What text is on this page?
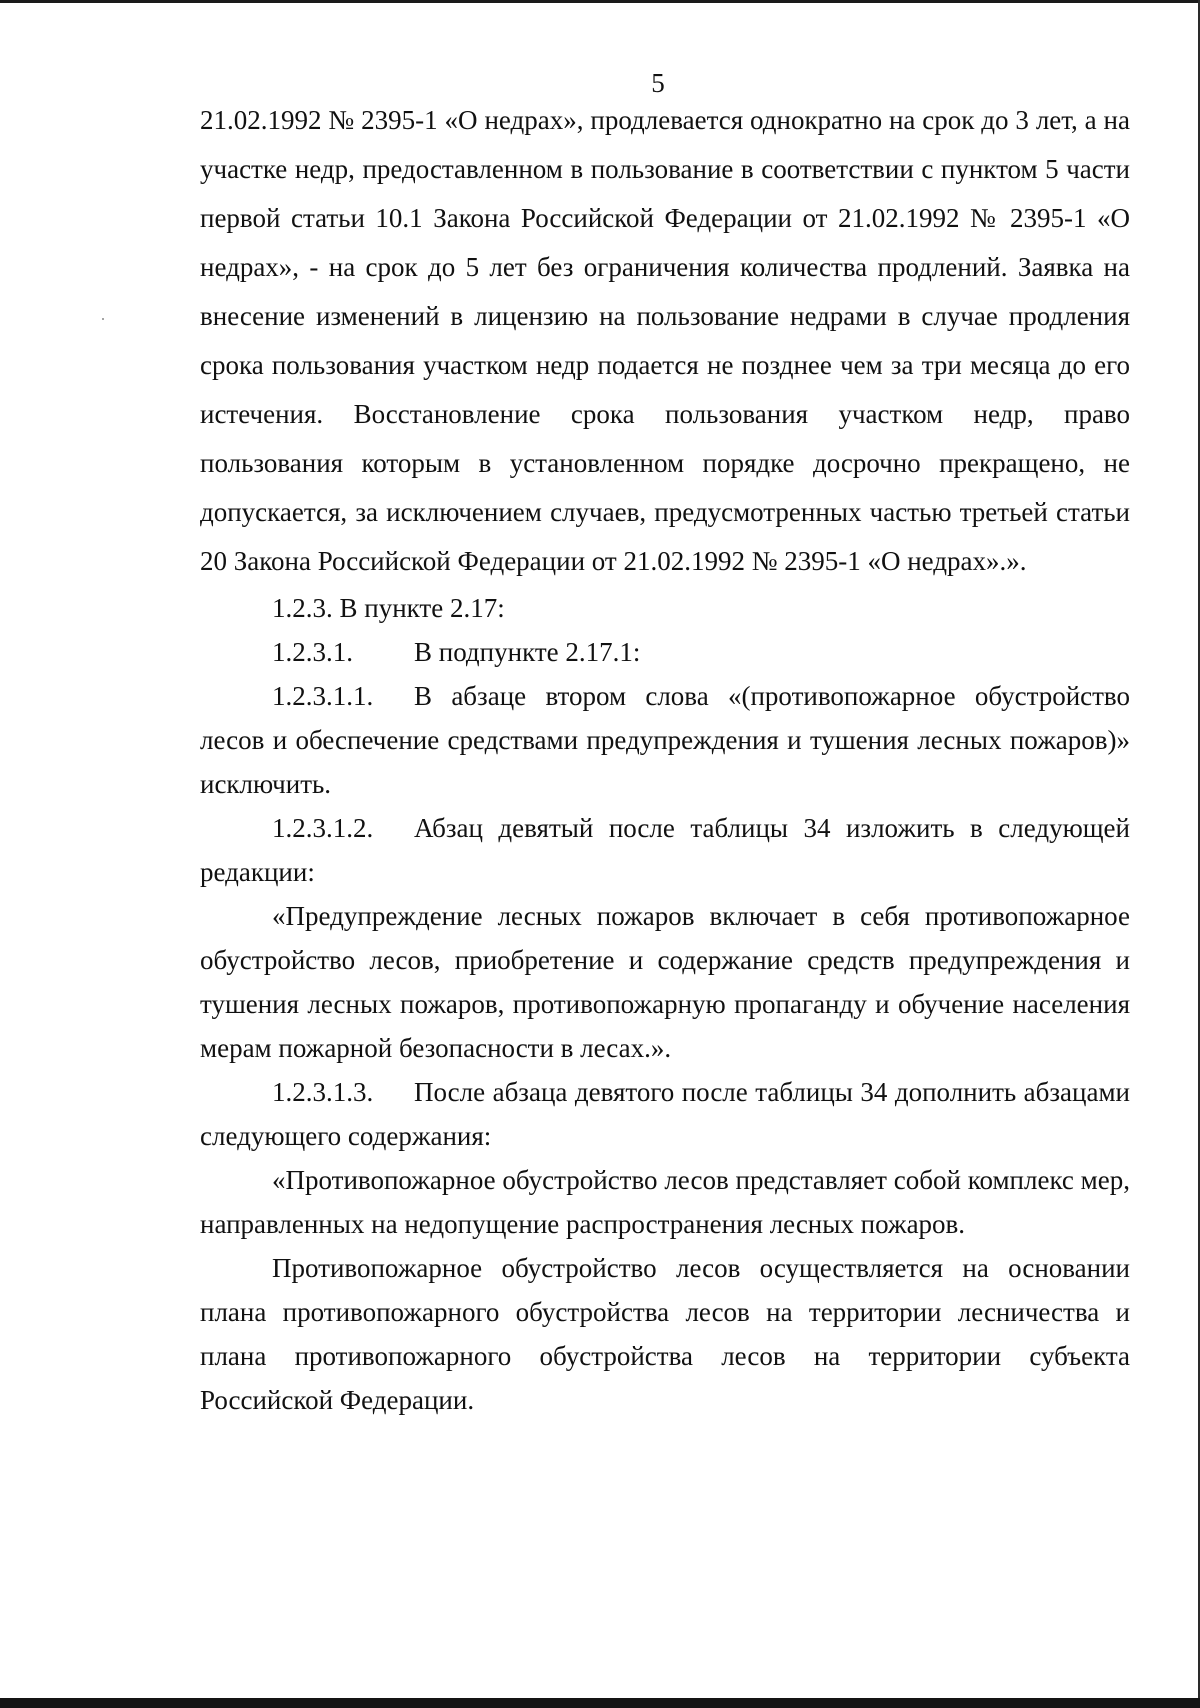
5

21.02.1992 № 2395-1 «О недрах», продлевается однократно на срок до 3 лет, а на участке недр, предоставленном в пользование в соответствии с пунктом 5 части первой статьи 10.1 Закона Российской Федерации от 21.02.1992 № 2395-1 «О недрах», - на срок до 5 лет без ограничения количества продлений. Заявка на внесение изменений в лицензию на пользование недрами в случае продления срока пользования участком недр подается не позднее чем за три месяца до его истечения. Восстановление срока пользования участком недр, право пользования которым в установленном порядке досрочно прекращено, не допускается, за исключением случаев, предусмотренных частью третьей статьи 20 Закона Российской Федерации от 21.02.1992 № 2395-1 «О недрах».».

1.2.3. В пункте 2.17:

1.2.3.1. В подпункте 2.17.1:

1.2.3.1.1. В абзаце втором слова «(противопожарное обустройство лесов и обеспечение средствами предупреждения и тушения лесных пожаров)» исключить.

1.2.3.1.2. Абзац девятый после таблицы 34 изложить в следующей редакции:

«Предупреждение лесных пожаров включает в себя противопожарное обустройство лесов, приобретение и содержание средств предупреждения и тушения лесных пожаров, противопожарную пропаганду и обучение населения мерам пожарной безопасности в лесах.».

1.2.3.1.3. После абзаца девятого после таблицы 34 дополнить абзацами следующего содержания:

«Противопожарное обустройство лесов представляет собой комплекс мер, направленных на недопущение распространения лесных пожаров.

Противопожарное обустройство лесов осуществляется на основании плана противопожарного обустройства лесов на территории лесничества и плана противопожарного обустройства лесов на территории субъекта Российской Федерации.
